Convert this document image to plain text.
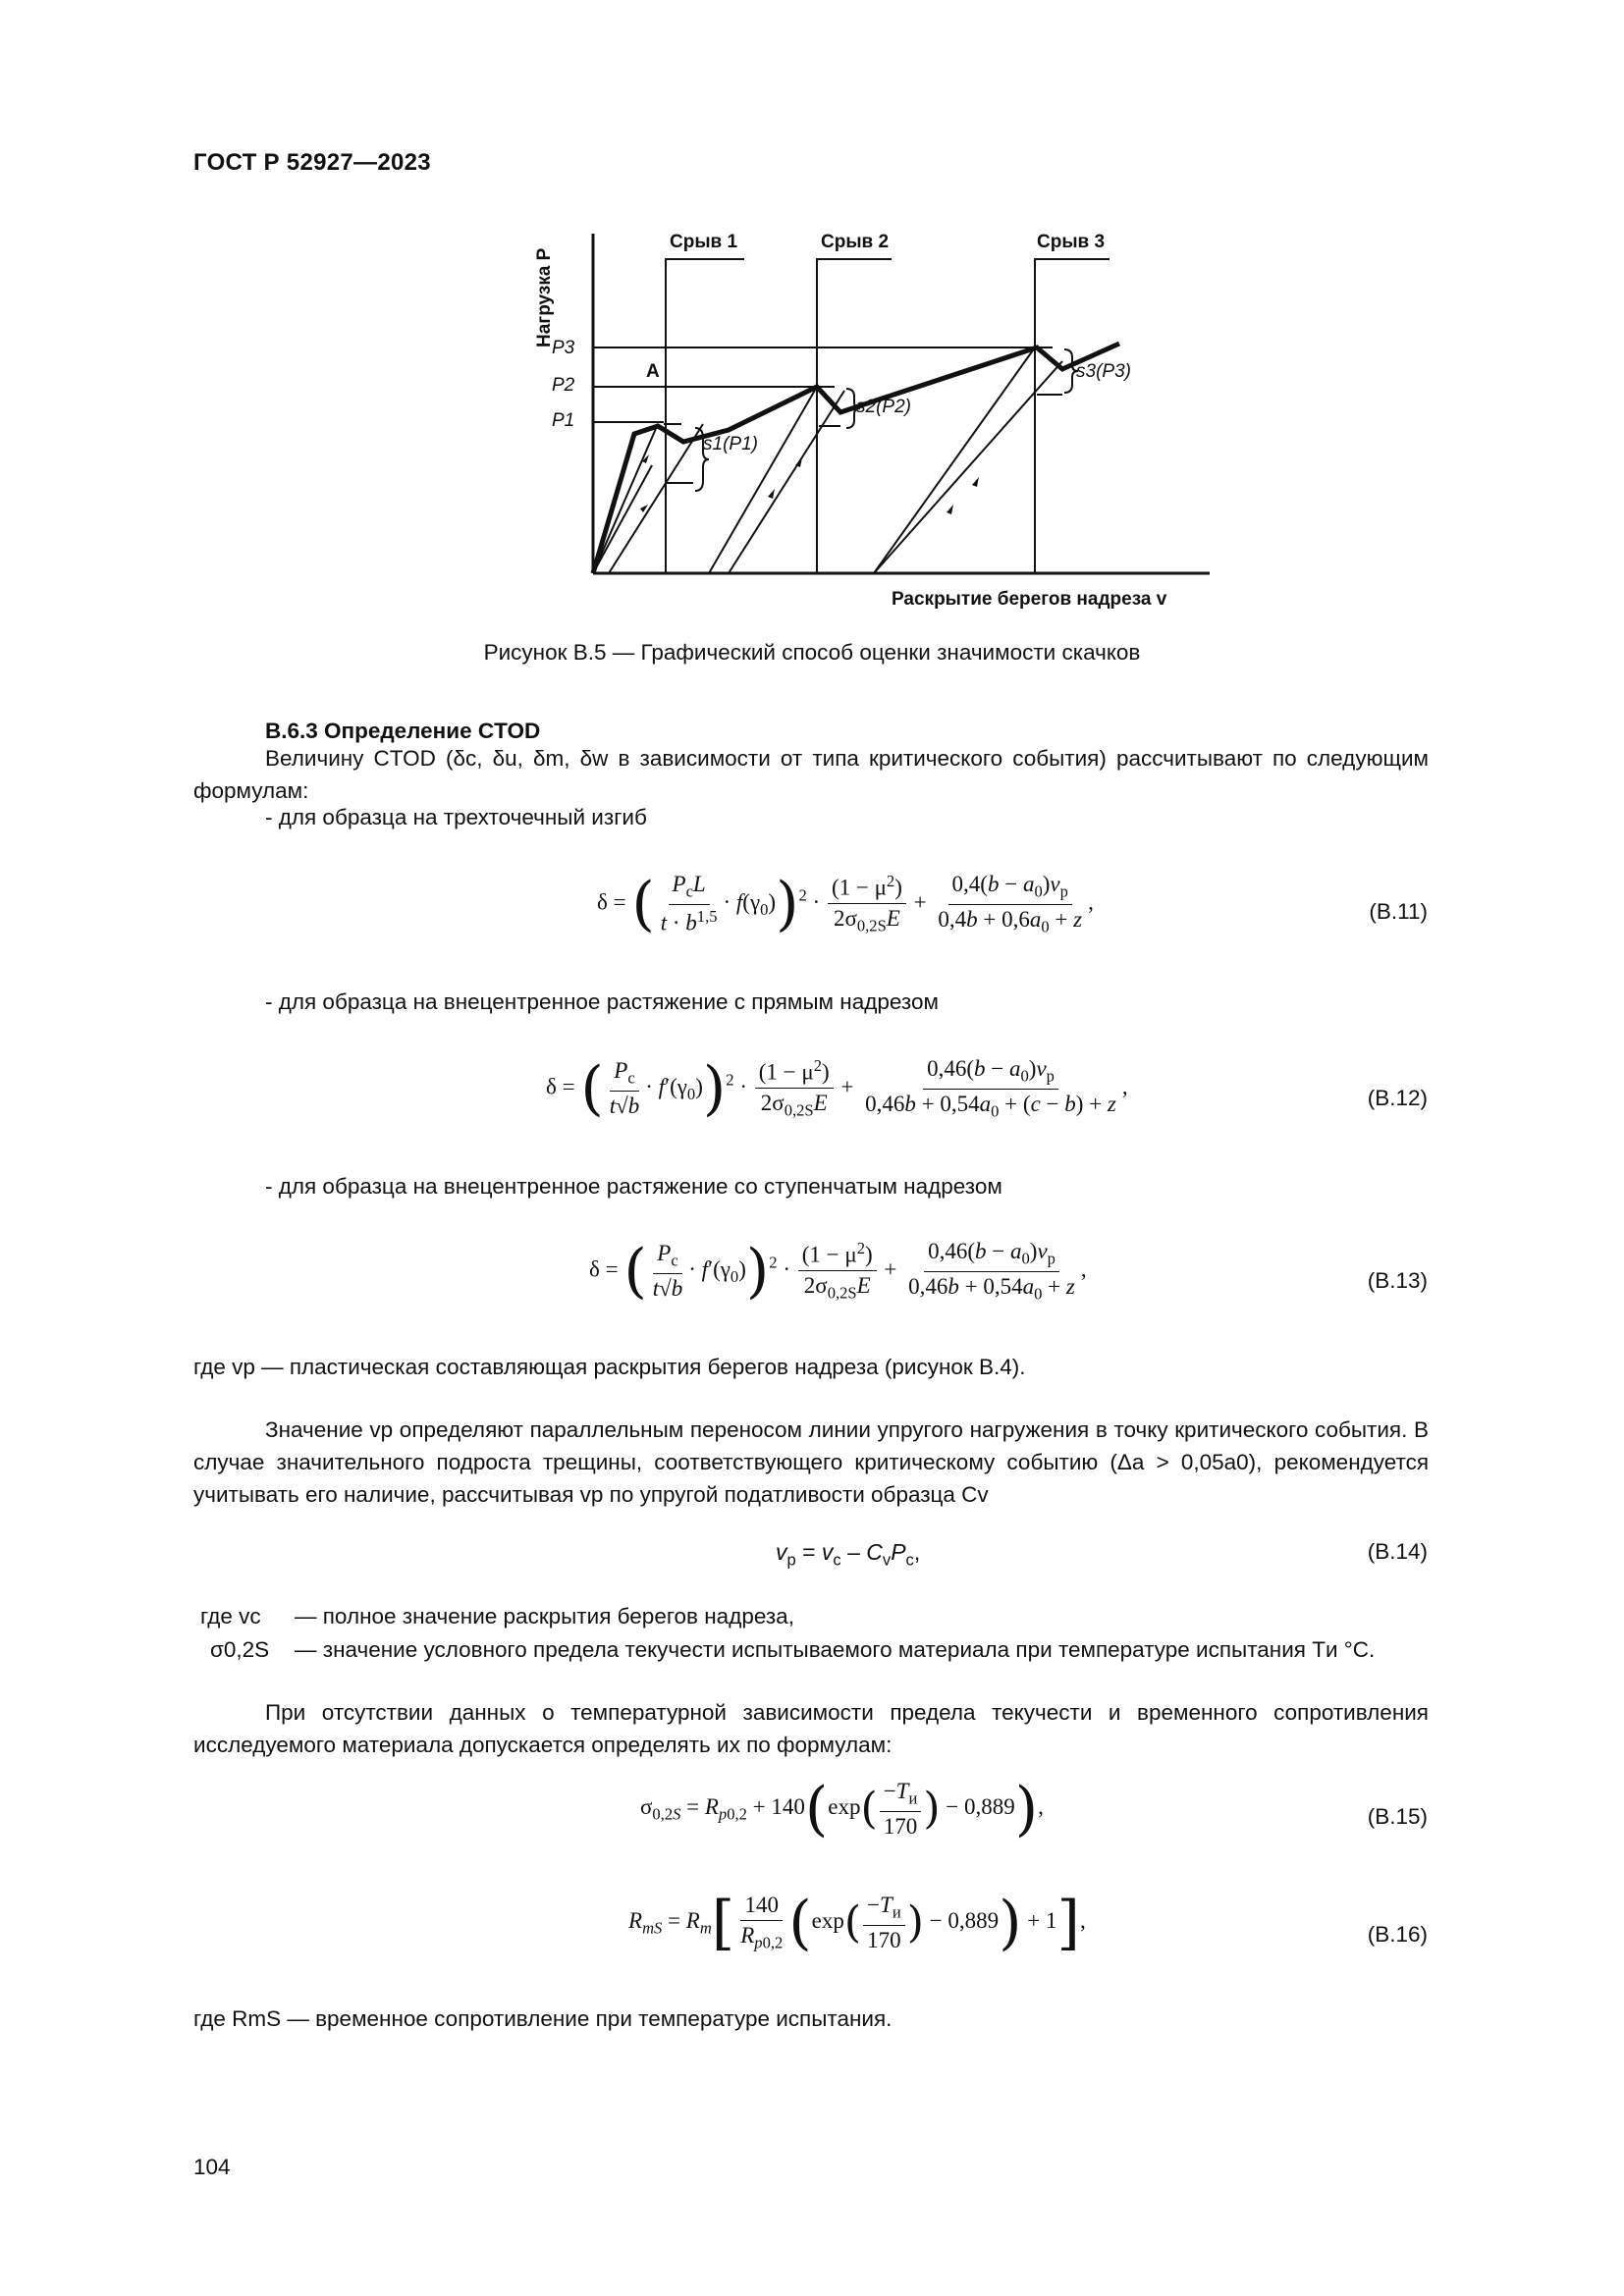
ГОСТ Р 52927—2023
Срыв 1	Срыв 2	Срыв 3
A
Раскрытие берегов надреза v
P3
P2
P1
s1(P1)
s2(P2)
s3(P3)
Нагрузка P
Рисунок В.5 — Графический способ оценки значимости скачков
В.6.3 Определение CTOD
Величину CTOD (δc, δu, δm, δw в зависимости от типа критического события) рассчитывают по следующим формулам:
- для образца на трехточечный изгиб
δ = ( $\frac{P_cL}{t \cdot b^{1,5}} \cdot f(\gamma_0))^2 \cdot \frac{(1 - \mu^2)}{2\sigma_{0,2S}E} + \frac{0,4(b - a_0)v_p}{0,4b + 0,6a_0 + z}$ ,	(В.11)
- для образца на внецентренное растяжение с прямым надрезом
δ = ( $\frac{P_c}{t√b} \cdot f'(\gamma_0))^2 \cdot \frac{(1 - \mu^2)}{2\sigma_{0,2S}E} + \frac{0,46(b - a_0)v_p}{0,46b + 0,54a_0 + (c - b) + z}$ ,	(В.12)
- для образца на внецентренное растяжение со ступенчатым надрезом
δ = ( $\frac{P_c}{t√b} \cdot f'(\gamma_0))^2 \cdot \frac{(1 - \mu^2)}{2\sigma_{0,2S}E} + \frac{0,46(b - a_0)v_p}{0,46b + 0,54a_0 + z}$ ,	(В.13)
где vp — пластическая составляющая раскрытия берегов надреза (рисунок В.4).
Значение vp определяют параллельным переносом линии упругого нагружения в точку критического события. В случае значительного подроста трещины, соответствующего критическому событию (Δa > 0,05a0), рекомендуется учитывать его наличие, рассчитывая vp по упругой податливости образца Cv
$v_p = v_c - C_vP_c$,	(В.14)
где vc — полное значение раскрытия берегов надреза,
σ0,2S — значение условного предела текучести испытываемого материала при температуре испытания Tи °C.
При отсутствии данных о температурной зависимости предела текучести и временного сопротивления исследуемого материала допускается определять их по формулам:
$\sigma_{0,2S} = R_{p0,2} + 140(\exp( \frac{-T_и}{170}$ ) − 0,889),	(В.15)
$R_{mS} = R_m[ \frac{140}{R_{p0,2}} (\exp( \frac{-T_и}{170}$ ) − 0,889) + 1],
(В.16)
где RmS — временное сопротивление при температуре испытания.
104
